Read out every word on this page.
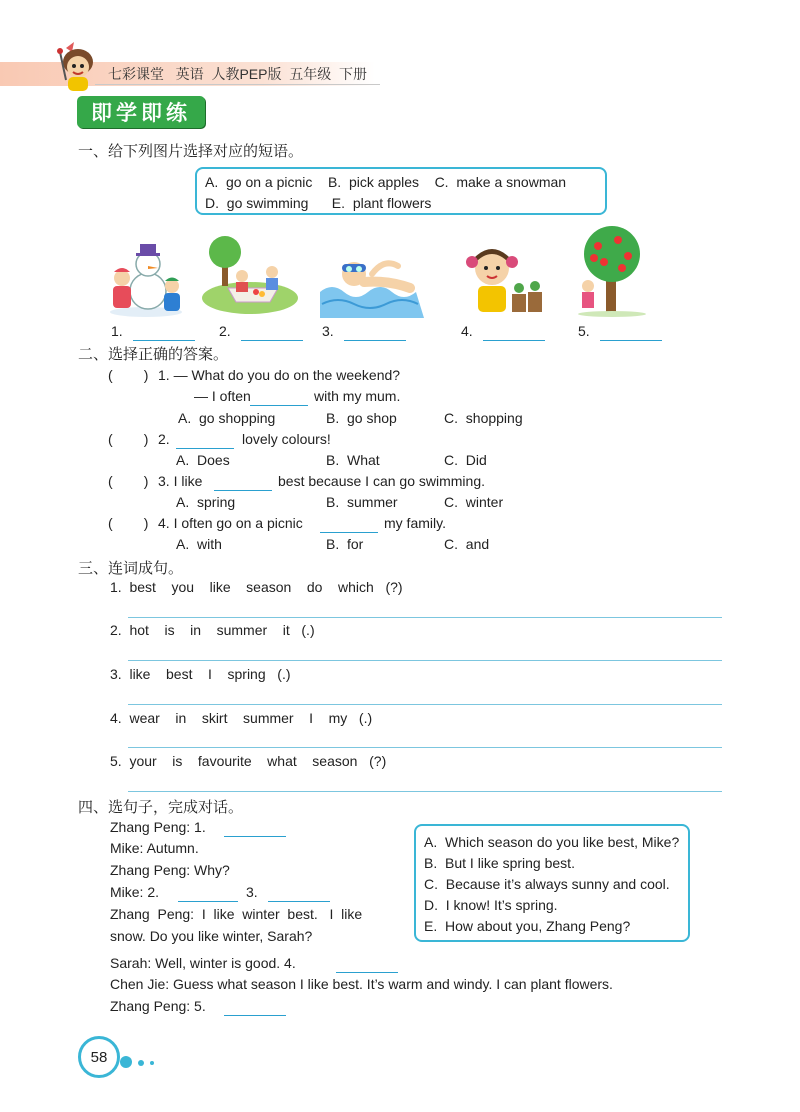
七彩课堂   英语  人教PEP版  五年级  下册
即学即练
一、给下列图片选择对应的短语。
A.  go on a picnic    B.  pick apples    C.  make a snowman
D.  go swimming      E.  plant flowers
1.	2.	3.	4.	5.
二、选择正确的答案。
(        ) 1. — What do you do on the weekend?
— I often	with my mum.
A.  go shopping	B.  go shop	C.  shopping
(        ) 2.	lovely colours!
A.  Does	B.  What	C.  Did
(        ) 3. I like	best because I can go swimming.
A.  spring	B.  summer	C.  winter
(        ) 4. I often go on a picnic	my family.
A.  with	B.  for	C.  and
三、连词成句。
1.  best    you    like    season    do    which   (?)
2.  hot    is    in    summer    it   (.)
3.  like    best    I    spring   (.)
4.  wear    in    skirt    summer    I    my   (.)
5.  your    is    favourite    what    season   (?)
四、选句子，完成对话。
Zhang Peng: 1.
Mike: Autumn.
Zhang Peng: Why?
Mike: 2.	3.
Zhang  Peng:  I  like  winter  best.   I  like
snow. Do you like winter, Sarah?
Sarah: Well, winter is good. 4.
Chen Jie: Guess what season I like best. It’s warm and windy. I can plant flowers.
Zhang Peng: 5.
A.  Which season do you like best, Mike?
B.  But I like spring best.
C.  Because it’s always sunny and cool.
D.  I know! It’s spring.
E.  How about you, Zhang Peng?
58
